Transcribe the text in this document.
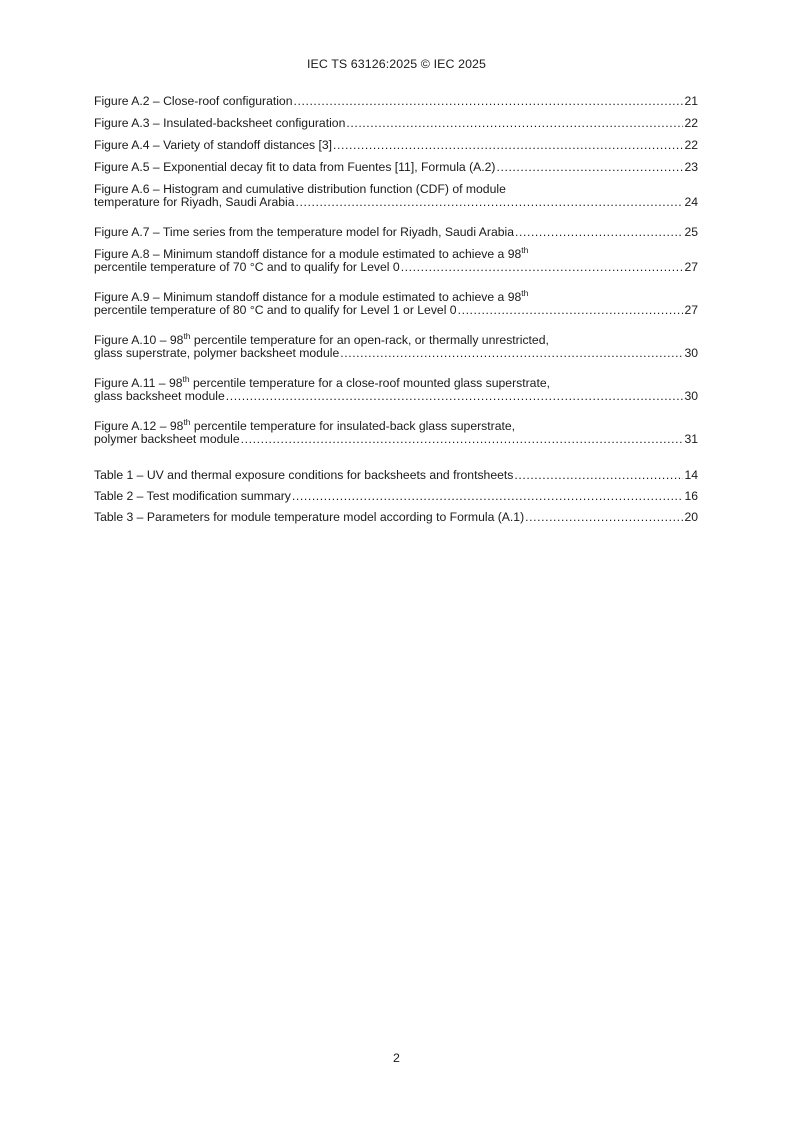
IEC TS 63126:2025 © IEC 2025
Figure A.2 – Close-roof configuration .....	21
Figure A.3 – Insulated-backsheet configuration .....	22
Figure A.4 – Variety of standoff distances [3] .....	22
Figure A.5 – Exponential decay fit to data from Fuentes [11], Formula (A.2) .....	23
Figure A.6 – Histogram and cumulative distribution function (CDF) of module
temperature for Riyadh, Saudi Arabia .....	24
Figure A.7 – Time series from the temperature model for Riyadh, Saudi Arabia .....	25
Figure A.8 – Minimum standoff distance for a module estimated to achieve a 98th
percentile temperature of 70 °C and to qualify for Level 0 .....	27
Figure A.9 – Minimum standoff distance for a module estimated to achieve a 98th
percentile temperature of 80 °C and to qualify for Level 1 or Level 0 .....	27
Figure A.10 – 98th percentile temperature for an open-rack, or thermally unrestricted,
glass superstrate, polymer backsheet module .....	30
Figure A.11 – 98th percentile temperature for a close-roof mounted glass superstrate,
glass backsheet module .....	30
Figure A.12 – 98th percentile temperature for insulated-back glass superstrate,
polymer backsheet module .....	31
Table 1 – UV and thermal exposure conditions for backsheets and frontsheets .....	14
Table 2 – Test modification summary .....	16
Table 3 – Parameters for module temperature model according to Formula (A.1) .....	20
2
